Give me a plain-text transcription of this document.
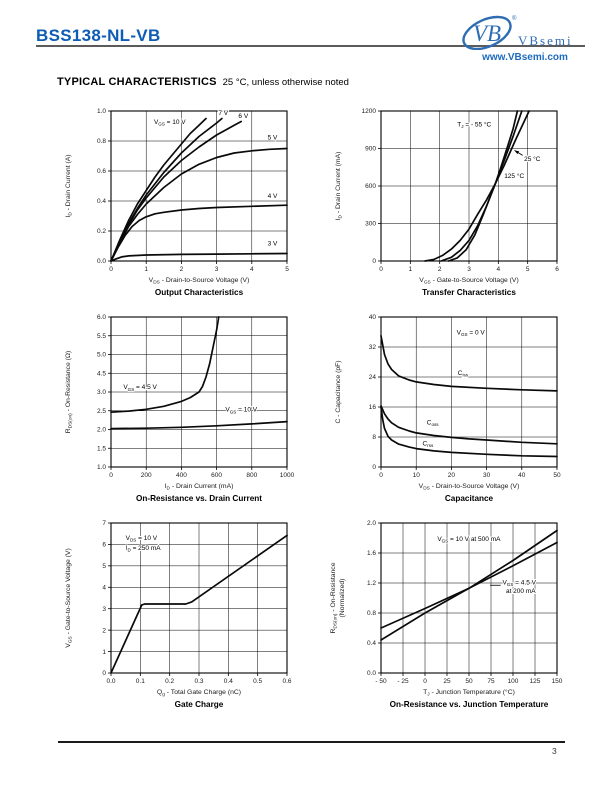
BSS138-NL-VB	VB
®
VBsemi
www.VBsemi.com
TYPICAL CHARACTERISTICS 25 °C, unless otherwise noted
0	1	2	3	4	5
0.0
0.2
0.4
0.6
0.8
1.0
$V_{GS} = 10$ V
7 V 6 V
5 V
4 V
3 V
$V_{DS}$ - Drain-to-Source Voltage (V)
$I_D$ - Drain Current (A)
Output Characteristics
0	1	2	3	4	5	6
0
300
600
900
1200
$T_J$ = - 55 °C
25 °C
125 °C
$V_{GS}$ - Gate-to-Source Voltage (V)
$I_D$ - Drain Current (mA)
Transfer Characteristics
0	200	400	600	800	1000
1.0
1.5
2.0
2.5
3.0
4.5
5.0
5.5
6.0
$V_{GS} = 4.5$ V
$V_{GS} = 10$ V
$I_D$ - Drain Current (mA)
$R_{DS(on)}$ - On-Resistance (Ω)
On-Resistance vs. Drain Current
0	10	20	30	40	50
0
8
16
24
32
40
$V_{GS} = 0$ V
$C_{iss}$
$C_{oss}$
$C_{rss}$
$V_{DS}$ - Drain-to-Source Voltage (V)
C - Capacitance (pF)
Capacitance
0.0	0.1	0.2	0.3	0.4	0.5	0.6
0
1
2
3
4
5
6
7
$V_{DS} = 10$ V
$I_D = 250$ mA
$Q_g$ - Total Gate Charge (nC)
$V_{GS}$ - Gate-to-Source Voltage (V)
Gate Charge
- 50 - 25 0	25 50 75 100 125 150
0.0
0.4
0.8
1.2
1.6
2.0
$V_{GS} = 10$ V at 500 mA
$V_{GS} = 4.5$ V
at 200 mA
$T_J$ - Junction Temperature (°C)
$R_{DS(on)}$ - On-Resistance (Normalized)
On-Resistance vs. Junction Temperature
3
